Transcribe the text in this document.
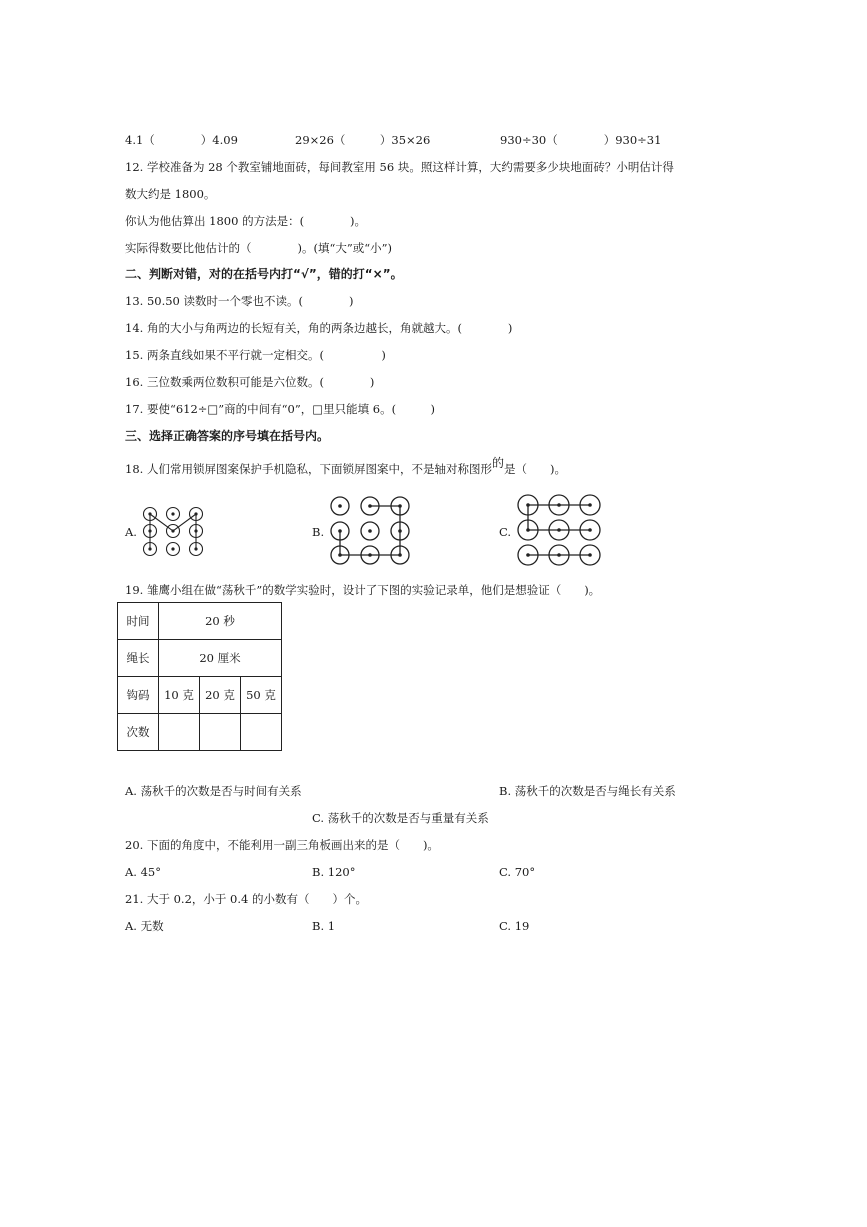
4.1（　　　　）4.09	29×26（　　　）35×26	930÷30（　　　　）930÷31
12. 学校准备为 28 个教室铺地面砖，每间教室用 56 块。照这样计算，大约需要多少块地面砖？小明估计得
数大约是 1800。
你认为他估算出 1800 的方法是：(　　　　)。
实际得数要比他估计的（　　　　)。(填“大”或“小”)
二、判断对错，对的在括号内打“√”，错的打“×”。
13. 50.50 读数时一个零也不读。(　　　　)
14. 角的大小与角两边的长短有关，角的两条边越长，角就越大。(　　　　)
15. 两条直线如果不平行就一定相交。(　　　　　)
16. 三位数乘两位数积可能是六位数。(　　　　)
17. 要使“612÷□”商的中间有“0”，□里只能填 6。(　　　)
三、选择正确答案的序号填在括号内。
18. 人们常用锁屏图案保护手机隐私，下面锁屏图案中，不是轴对称图形的是（　　)。
A.	B.	C.
19. 雏鹰小组在做“荡秋千”的数学实验时，设计了下图的实验记录单，他们是想验证（　　)。
时间	20 秒		
绳长	20 厘米		
钩码	10 克	20 克	50 克
次数			
A. 荡秋千的次数是否与时间有关系	B. 荡秋千的次数是否与绳长有关系
C. 荡秋千的次数是否与重量有关系
20. 下面的角度中，不能利用一副三角板画出来的是（　　)。
A. 45°	B. 120°	C. 70°
21. 大于 0.2，小于 0.4 的小数有（　　）个。
A. 无数	B. 1	C. 19
